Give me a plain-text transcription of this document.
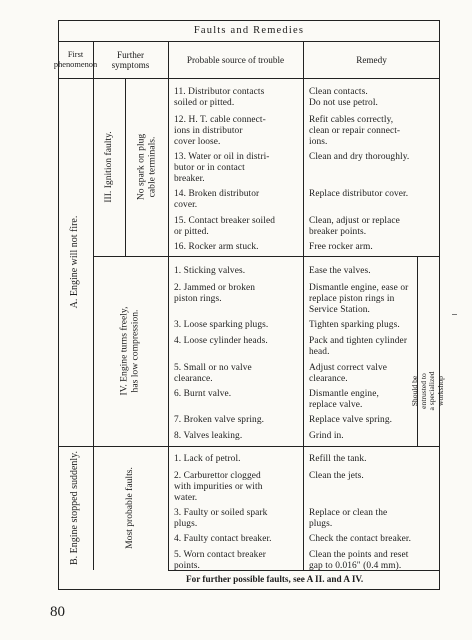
Faults and Remedies
First
phenomenon
Further
symptoms	Probable source of trouble	Remedy
A. Engine will not fire.
B. Engine stopped suddenly.
III. Ignition faulty. No spark on plug
cable terminals.
IV. Engine turns freely,
has low compression.
Should be entrusted to
a specialized workshop
Most probable faults.
11. Distributor contacts
soiled or pitted.
12. H. T. cable connect-
ions in distributor
cover loose.
13. Water or oil in distri-
butor or in contact
breaker.
14. Broken distributor
cover.
15. Contact breaker soiled
or pitted.
16. Rocker arm stuck.
1. Sticking valves.
2. Jammed or broken
piston rings.
3. Loose sparking plugs.
4. Loose cylinder heads.
5. Small or no valve
clearance.
6. Burnt valve.
7. Broken valve spring.
8. Valves leaking.
1. Lack of petrol.
2. Carburettor clogged
with impurities or with
water.
3. Faulty or soiled spark
plugs.
4. Faulty contact breaker.
5. Worn contact breaker
points.
Clean contacts.
Do not use petrol.
Refit cables correctly,
clean or repair connect-
ions.
Clean and dry thoroughly.
Replace distributor cover.
Clean, adjust or replace
breaker points.
Free rocker arm.
Ease the valves.
Dismantle engine, ease or
replace piston rings in
Service Station.
Tighten sparking plugs.
Pack and tighten cylinder
head.
Adjust correct valve
clearance.
Dismantle engine,
replace valve.
Replace valve spring.
Grind in.
Refill the tank.
Clean the jets.
Replace or clean the
plugs.
Check the contact breaker.
Clean the points and reset
gap to 0.016" (0.4 mm).
For further possible faults, see A II. and A IV.
80
